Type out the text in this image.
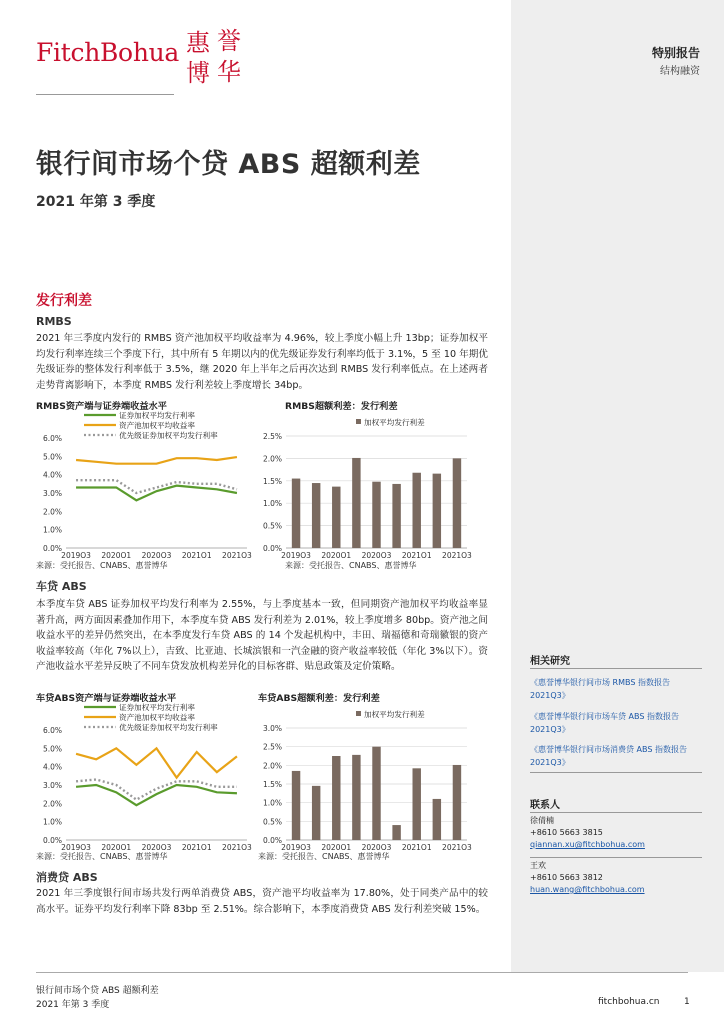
FitchBohua 惠 誉
博 华
特别报告
结构融资
银行间市场个贷 ABS 超额利差
2021 年第 3 季度
发行利差
RMBS
2021 年三季度内发行的 RMBS 资产池加权平均收益率为 4.96%，较上季度小幅上升 13bp；证券加权平均发行利率连续三个季度下行，其中所有 5 年期以内的优先级证券发行利率均低于 3.1%，5 至 10 年期优先级证券的整体发行利率低于 3.5%，继 2020 年上半年之后再次达到 RMBS 发行利率低点。在上述两者走势背离影响下，本季度 RMBS 发行利差较上季度增长 34bp。
RMBS资产端与证券端收益水平
0.0%
1.0%
2.0%
3.0%
4.0%
5.0%
6.0%
2019Q3 2020Q1 2020Q3 2021Q1 2021Q3
证券加权平均发行利率
资产池加权平均收益率
优先级证券加权平均发行利率
来源：受托报告、CNABS、惠誉博华
RMBS超额利差：发行利差
0.0%
0.5%
1.0%
1.5%
2.0%
2.5%
2019Q3 2020Q1 2020Q3 2021Q1 2021Q3
加权平均发行利差
来源：受托报告、CNABS、惠誉博华
车贷 ABS
本季度车贷 ABS 证券加权平均发行利率为 2.55%，与上季度基本一致，但同期资产池加权平均收益率显著升高，两方面因素叠加作用下，本季度车贷 ABS 发行利差为 2.01%，较上季度增多 80bp。资产池之间收益水平的差异仍然突出，在本季度发行车贷 ABS 的 14 个发起机构中，丰田、瑞福德和奇瑞徽银的资产收益率较高（年化 7%以上），吉致、比亚迪、长城滨银和一汽金融的资产收益率较低（年化 3%以下）。资产池收益水平差异反映了不同车贷发放机构差异化的目标客群、贴息政策及定价策略。
车贷ABS资产端与证券端收益水平
0.0%
1.0%
2.0%
3.0%
4.0%
5.0%
6.0%
2019Q3 2020Q1 2020Q3 2021Q1 2021Q3
证券加权平均发行利率
资产池加权平均收益率
优先级证券加权平均发行利率
来源：受托报告、CNABS、惠誉博华
车贷ABS超额利差：发行利差
0.0%
0.5%
1.0%
1.5%
2.0%
2.5%
3.0%
2019Q3 2020Q1 2020Q3 2021Q1 2021Q3
加权平均发行利差
来源：受托报告、CNABS、惠誉博华
消费贷 ABS
2021 年三季度银行间市场共发行两单消费贷 ABS，资产池平均收益率为 17.80%，处于同类产品中的较高水平。证券平均发行利率下降 83bp 至 2.51%。综合影响下，本季度消费贷 ABS 发行利差突破 15%。
相关研究
《惠誉博华银行间市场 RMBS 指数报告 2021Q3》
《惠誉博华银行间市场车贷 ABS 指数报告 2021Q3》
《惠誉博华银行间市场消费贷 ABS 指数报告 2021Q3》
联系人
徐倩楠
+8610 5663 3815
qiannan.xu@fitchbohua.com
王欢
+8610 5663 3812
huan.wang@fitchbohua.com
银行间市场个贷 ABS 超额利差
2021 年第 3 季度	fitchbohua.cn	1
